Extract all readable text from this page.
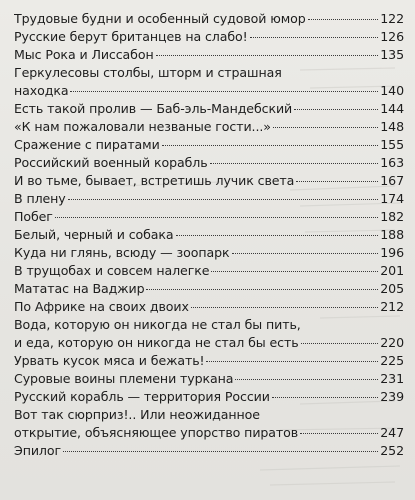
Трудовые будни и особенный судовой юмор	122
Русские берут британцев на слабо!	126
Мыс Рока и Лиссабон	135
Геркулесовы столбы, шторм и страшная
находка	140
Есть такой пролив — Баб-эль-Мандебский	144
«К нам пожаловали незваные гости...»	148
Сражение с пиратами	155
Российский военный корабль	163
И во тьме, бывает, встретишь лучик света	167
В плену	174
Побег	182
Белый, черный и собака	188
Куда ни глянь, всюду — зоопарк	196
В трущобах и совсем налегке	201
Мататас на Ваджир	205
По Африке на своих двоих	212
Вода, которую он никогда не стал бы пить,
и еда, которую он никогда не стал бы есть	220
Урвать кусок мяса и бежать!	225
Суровые воины племени туркана	231
Русский корабль — территория России	239
Вот так сюрприз!.. Или неожиданное
открытие, объясняющее упорство пиратов	247
Эпилог	252
